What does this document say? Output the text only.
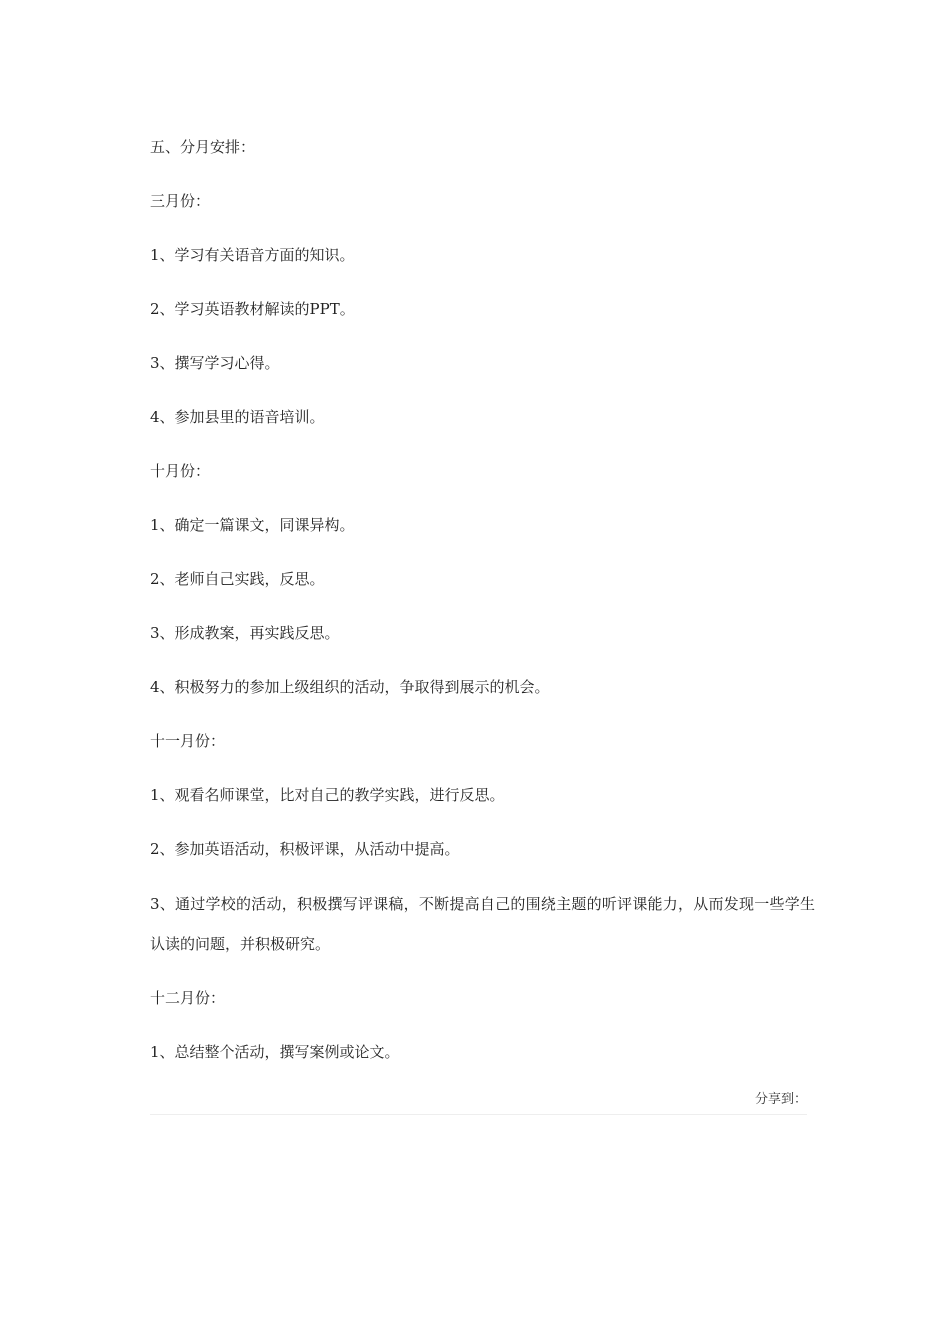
五、分月安排：

三月份：

1、学习有关语音方面的知识。

2、学习英语教材解读的PPT。

3、撰写学习心得。

4、参加县里的语音培训。

十月份：

1、确定一篇课文，同课异构。

2、老师自己实践，反思。

3、形成教案，再实践反思。

4、积极努力的参加上级组织的活动，争取得到展示的机会。

十一月份：

1、观看名师课堂，比对自己的教学实践，进行反思。

2、参加英语活动，积极评课，从活动中提高。

3、通过学校的活动，积极撰写评课稿，不断提高自己的围绕主题的听评课能力，从而发现一些学生认读的问题，并积极研究。

十二月份：

1、总结整个活动，撰写案例或论文。

分享到：
